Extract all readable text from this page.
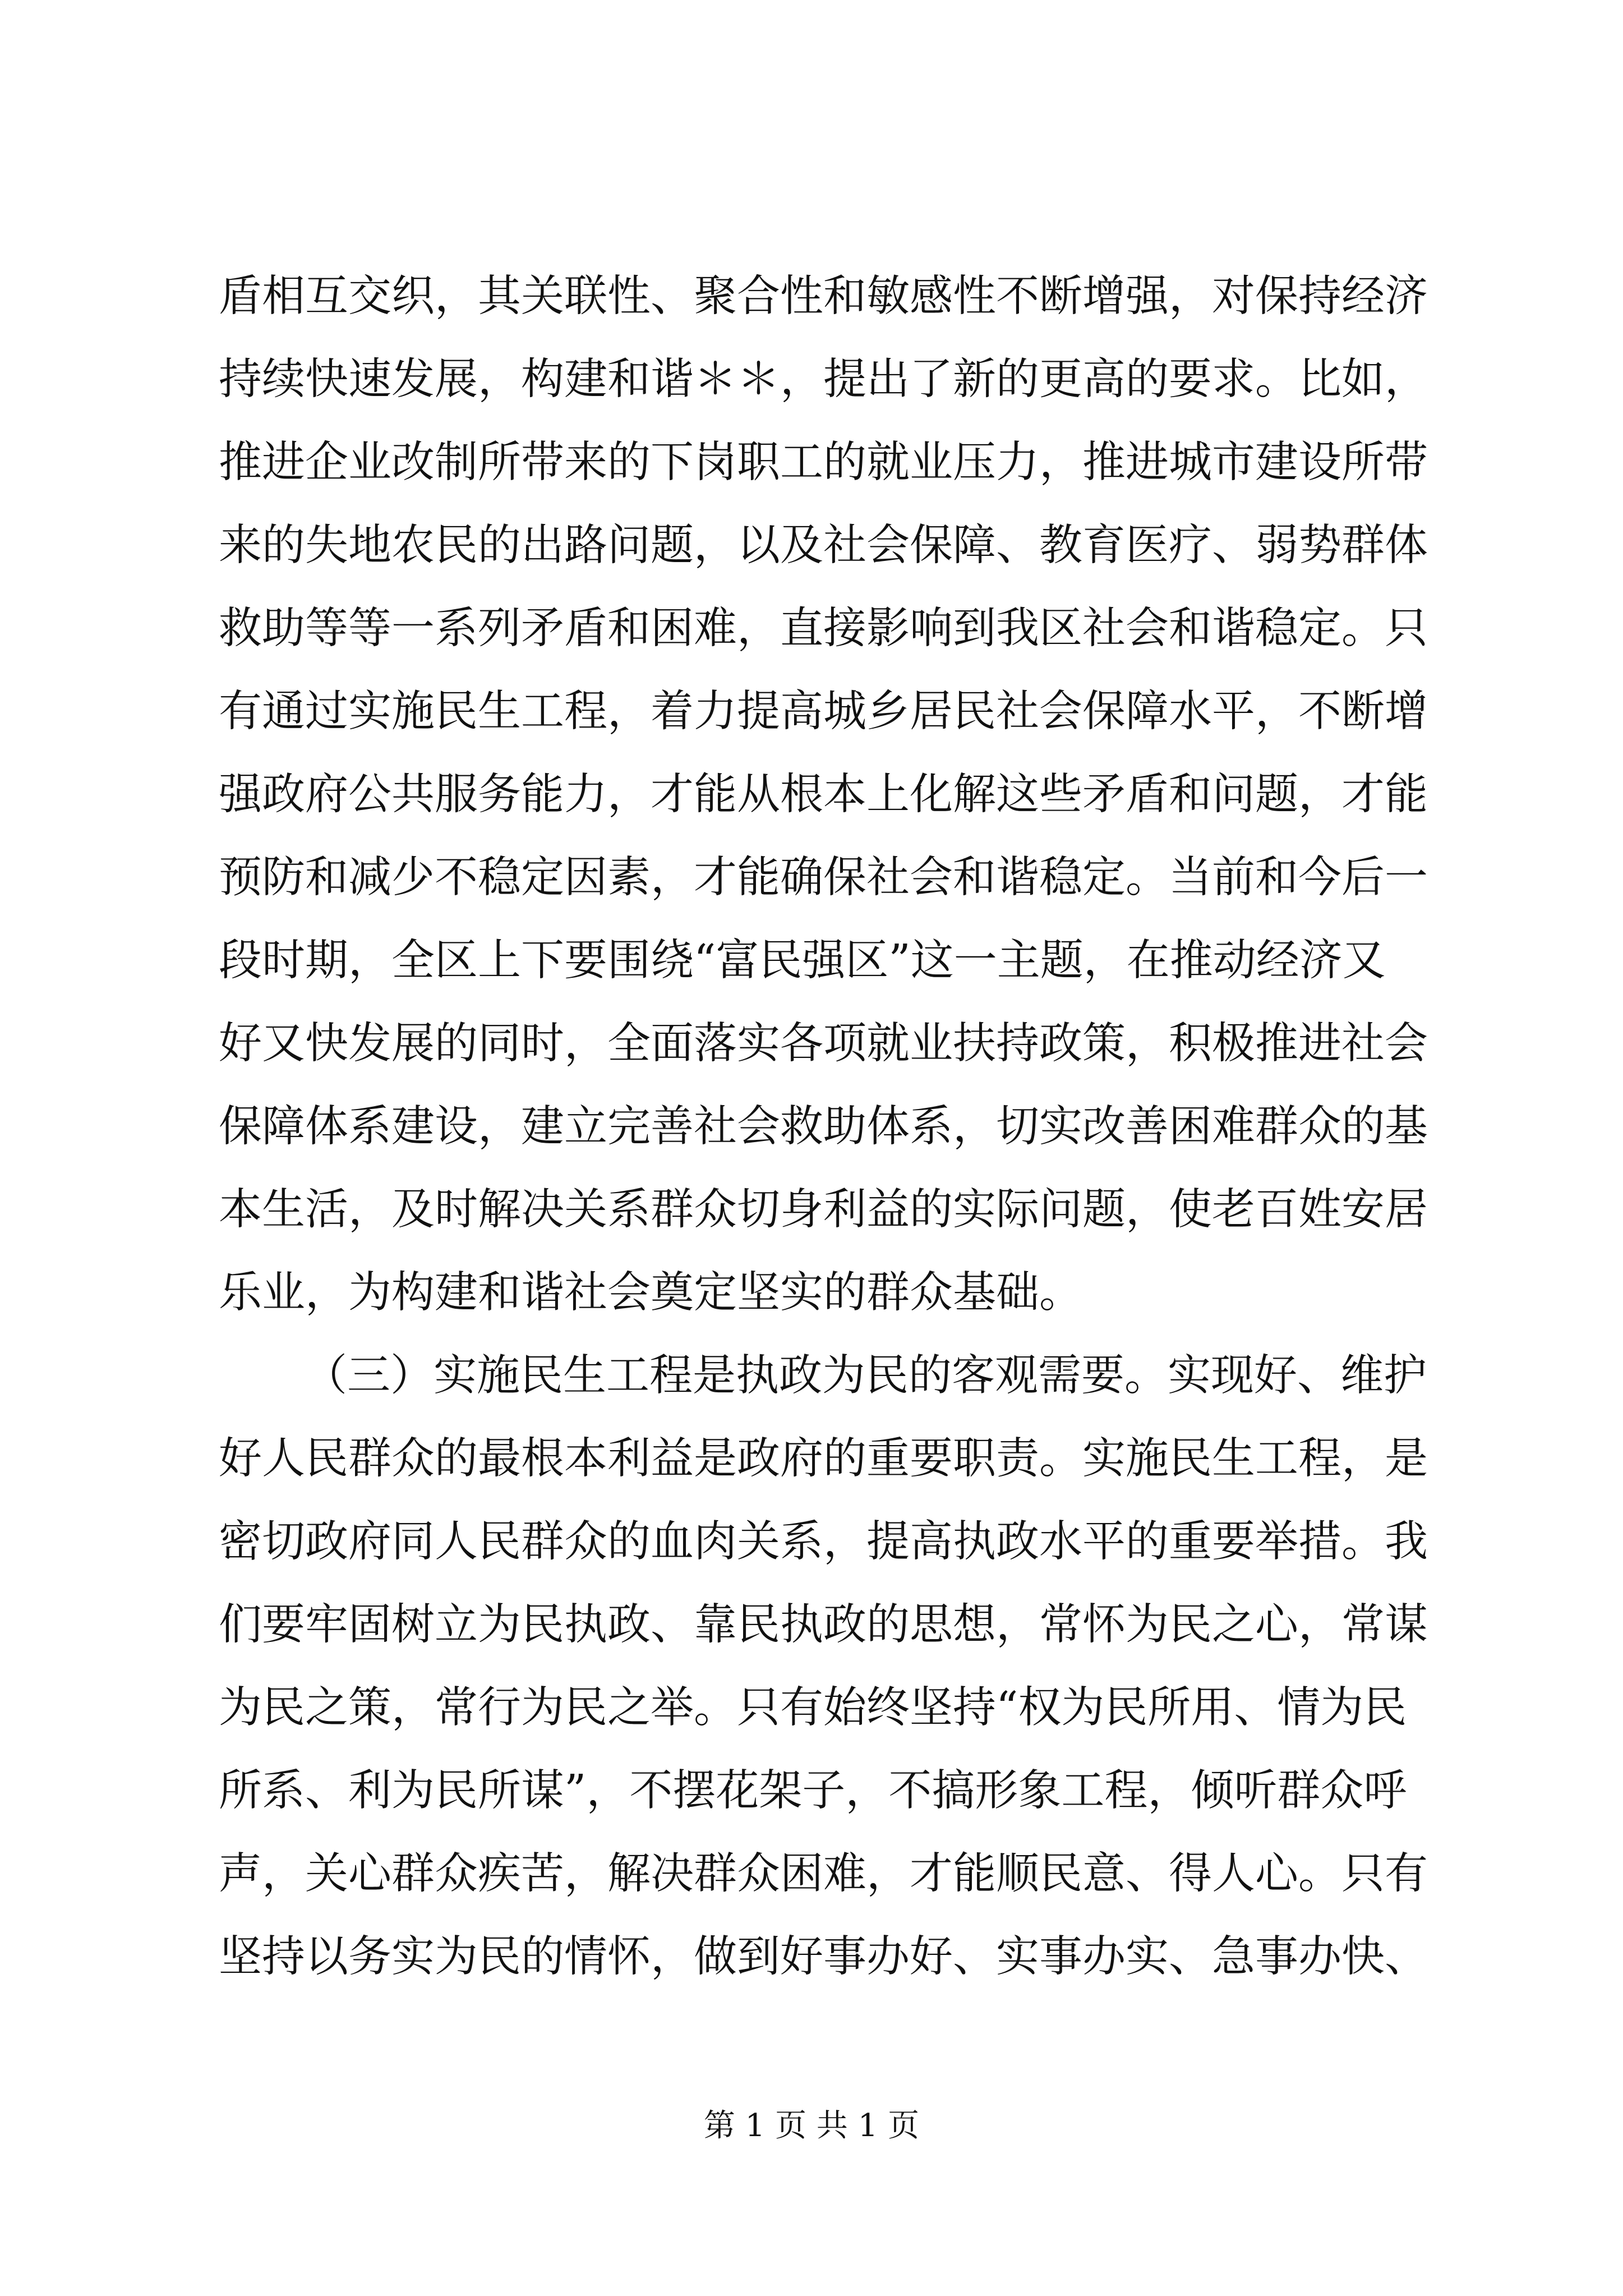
盾相互交织，其关联性、聚合性和敏感性不断增强，对保持经济
持续快速发展，构建和谐＊＊，提出了新的更高的要求。比如，
推进企业改制所带来的下岗职工的就业压力，推进城市建设所带
来的失地农民的出路问题，以及社会保障、教育医疗、弱势群体
救助等等一系列矛盾和困难，直接影响到我区社会和谐稳定。只
有通过实施民生工程，着力提高城乡居民社会保障水平，不断增
强政府公共服务能力，才能从根本上化解这些矛盾和问题，才能
预防和减少不稳定因素，才能确保社会和谐稳定。当前和今后一
段时期，全区上下要围绕“富民强区”这一主题，在推动经济又
好又快发展的同时，全面落实各项就业扶持政策，积极推进社会
保障体系建设，建立完善社会救助体系，切实改善困难群众的基
本生活，及时解决关系群众切身利益的实际问题，使老百姓安居
乐业，为构建和谐社会奠定坚实的群众基础。
（三）实施民生工程是执政为民的客观需要。实现好、维护
好人民群众的最根本利益是政府的重要职责。实施民生工程，是
密切政府同人民群众的血肉关系，提高执政水平的重要举措。我
们要牢固树立为民执政、靠民执政的思想，常怀为民之心，常谋
为民之策，常行为民之举。只有始终坚持“权为民所用、情为民
所系、利为民所谋”，不摆花架子，不搞形象工程，倾听群众呼
声，关心群众疾苦，解决群众困难，才能顺民意、得人心。只有
坚持以务实为民的情怀，做到好事办好、实事办实、急事办快、
第 1 页 共 1 页
